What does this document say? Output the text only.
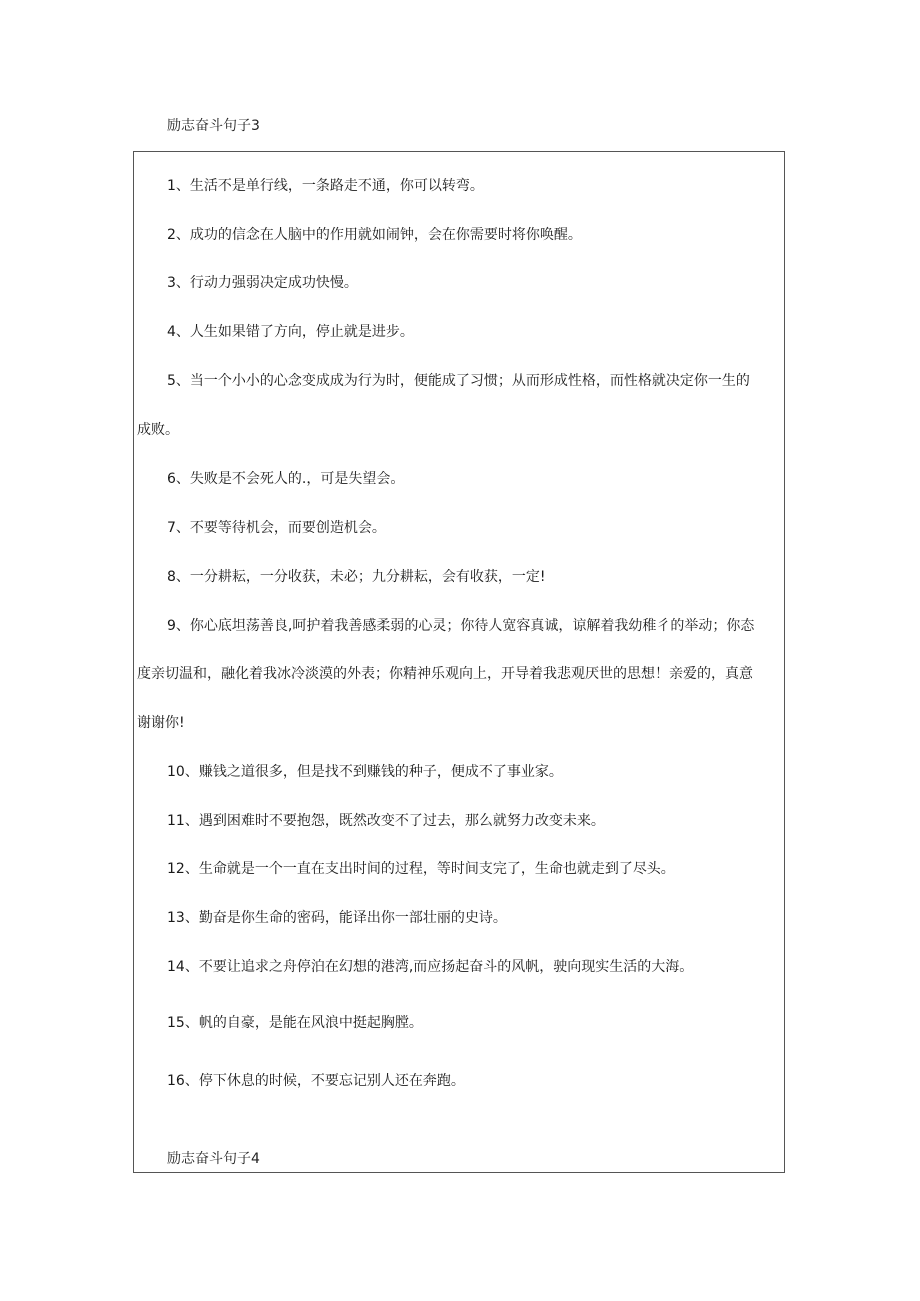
励志奋斗句子3
1、生活不是单行线，一条路走不通，你可以转弯。
2、成功的信念在人脑中的作用就如闹钟，会在你需要时将你唤醒。
3、行动力强弱决定成功快慢。
4、人生如果错了方向，停止就是进步。
5、当一个小小的心念变成成为行为时，便能成了习惯；从而形成性格，而性格就决定你一生的
成败。
6、失败是不会死人的.，可是失望会。
7、不要等待机会，而要创造机会。
8、一分耕耘，一分收获，未必；九分耕耘，会有收获，一定!
9、你心底坦荡善良,呵护着我善感柔弱的心灵；你待人宽容真诚，谅解着我幼稚彳的举动；你态
度亲切温和，融化着我冰冷淡漠的外表；你精神乐观向上，开导着我悲观厌世的思想！亲爱的，真意
谢谢你!
10、赚钱之道很多，但是找不到赚钱的种子，便成不了事业家。
11、遇到困难时不要抱怨，既然改变不了过去，那么就努力改变未来。
12、生命就是一个一直在支出时间的过程，等时间支完了，生命也就走到了尽头。
13、勤奋是你生命的密码，能译出你一部壮丽的史诗。
14、不要让追求之舟停泊在幻想的港湾,而应扬起奋斗的风帆，驶向现实生活的大海。
15、帆的自豪，是能在风浪中挺起胸膛。
16、停下休息的时候，不要忘记别人还在奔跑。
励志奋斗句子4
